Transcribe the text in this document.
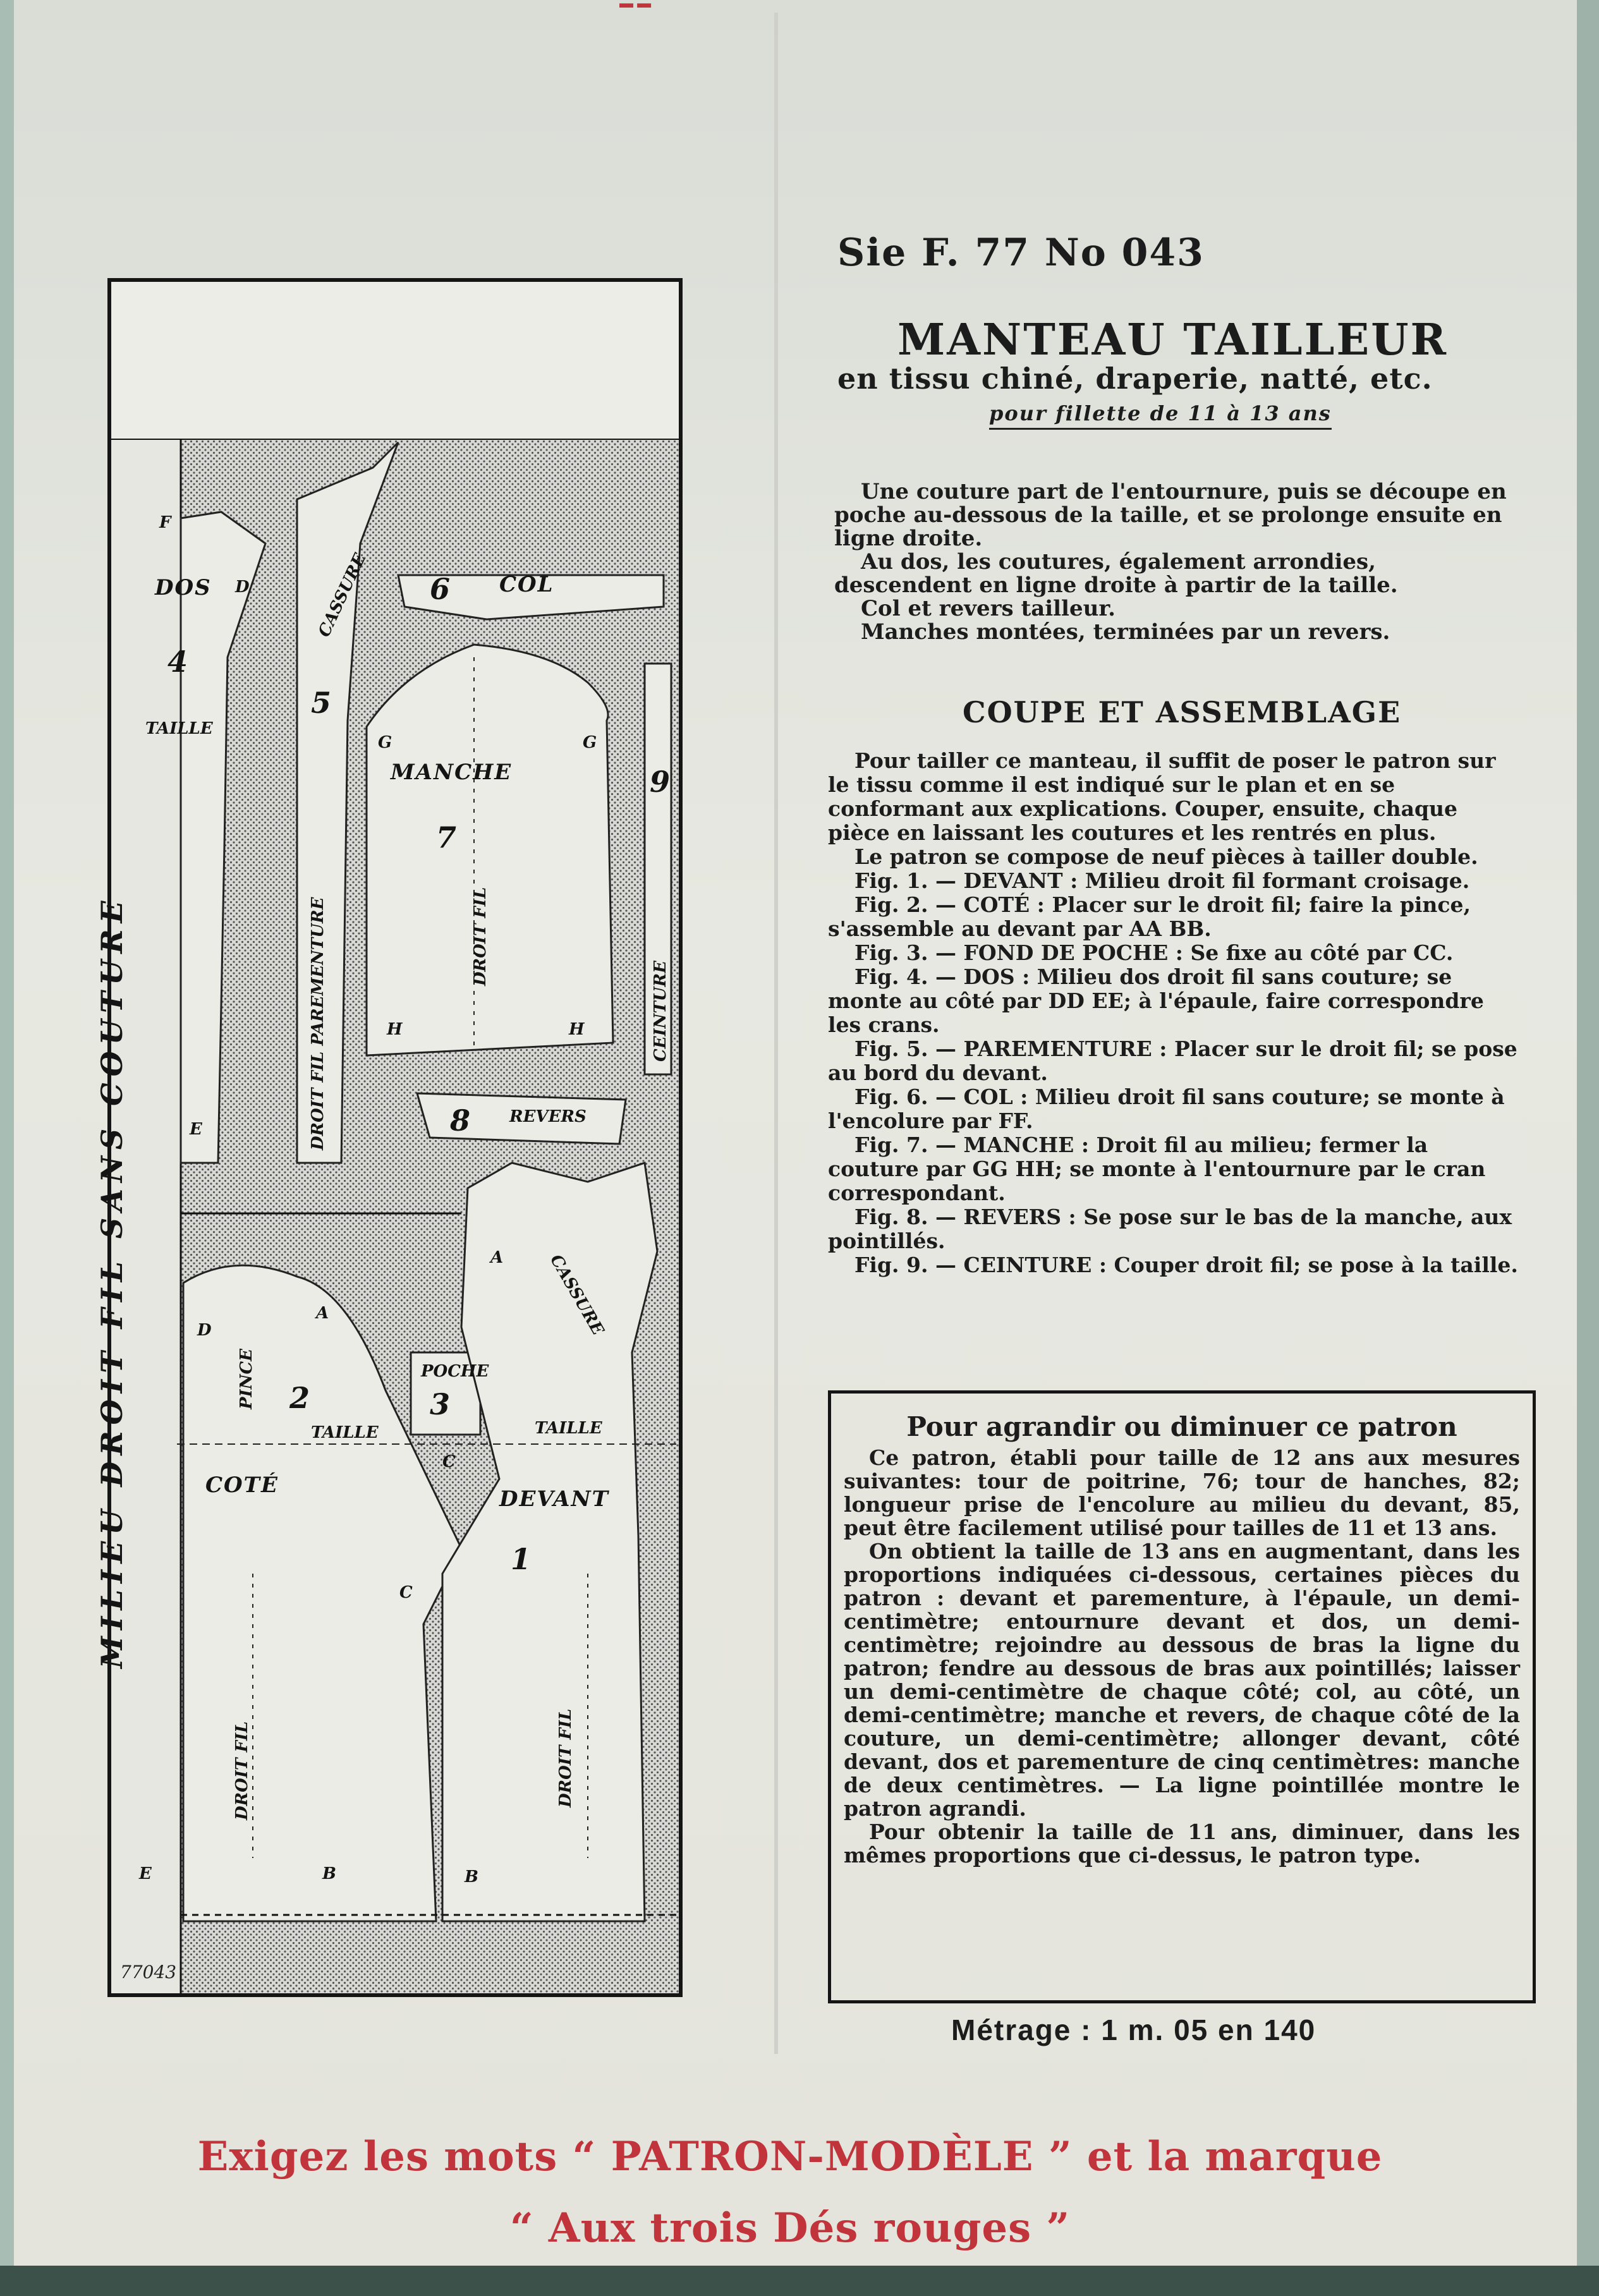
▬ ▬
F
DOS D
4
TAILLE
E
5
CASSURE
DROIT FIL PAREMENTURE
6 COL
G	G
MANCHE
7
DROIT FIL
H	H
9
CEINTURE
8 REVERS
D
PINCE 2
A
TAILLE
COTÉ
DROIT FIL
E	B
POCHE
3
C
C
A	CASSURE
TAILLE
DEVANT
1
DROIT FIL
B
MILIEU DROIT FIL SANS COUTURE
77043
Sie F. 77 No 043
MANTEAU TAILLEUR
en tissu chiné, draperie, natté, etc.
pour fillette de 11 à 13 ans

Une couture part de l'entournure, puis se découpe en poche au-dessous de la taille, et se prolonge ensuite en ligne droite.

Au dos, les coutures, également arrondies, descendent en ligne droite à partir de la taille.

Col et revers tailleur.

Manches montées, terminées par un revers.

COUPE ET ASSEMBLAGE

Pour tailler ce manteau, il suffit de poser le patron sur le tissu comme il est indiqué sur le plan et en se conformant aux explications. Couper, ensuite, chaque pièce en laissant les coutures et les rentrés en plus.

Le patron se compose de neuf pièces à tailler double.

Fig. 1. — DEVANT : Milieu droit fil formant croisage.

Fig. 2. — COTÉ : Placer sur le droit fil; faire la pince, s'assemble au devant par AA BB.

Fig. 3. — FOND DE POCHE : Se fixe au côté par CC.

Fig. 4. — DOS : Milieu dos droit fil sans couture; se monte au côté par DD EE; à l'épaule, faire correspondre les crans.

Fig. 5. — PAREMENTURE : Placer sur le droit fil; se pose au bord du devant.

Fig. 6. — COL : Milieu droit fil sans couture; se monte à l'encolure par FF.

Fig. 7. — MANCHE : Droit fil au milieu; fermer la couture par GG HH; se monte à l'entournure par le cran correspondant.

Fig. 8. — REVERS : Se pose sur le bas de la manche, aux pointillés.

Fig. 9. — CEINTURE : Couper droit fil; se pose à la taille.

Pour agrandir ou diminuer ce patron

Ce patron, établi pour taille de 12 ans aux mesures suivantes: tour de poitrine, 76; tour de hanches, 82; longueur prise de l'encolure au milieu du devant, 85, peut être facilement utilisé pour tailles de 11 et 13 ans.

On obtient la taille de 13 ans en augmentant, dans les proportions indiquées ci-dessous, certaines pièces du patron : devant et parementure, à l'épaule, un demi-centimètre; entournure devant et dos, un demi-centimètre; rejoindre au dessous de bras la ligne du patron; fendre au dessous de bras aux pointillés; laisser un demi-centimètre de chaque côté; col, au côté, un demi-centimètre; manche et revers, de chaque côté de la couture, un demi-centimètre; allonger devant, côté devant, dos et parementure de cinq centimètres: manche de deux centimètres. — La ligne pointillée montre le patron agrandi.

Pour obtenir la taille de 11 ans, diminuer, dans les mêmes proportions que ci-dessus, le patron type.

Métrage : 1 m. 05 en 140
Exigez les mots “ PATRON-MODÈLE ” et la marque
“ Aux trois Dés rouges ”
